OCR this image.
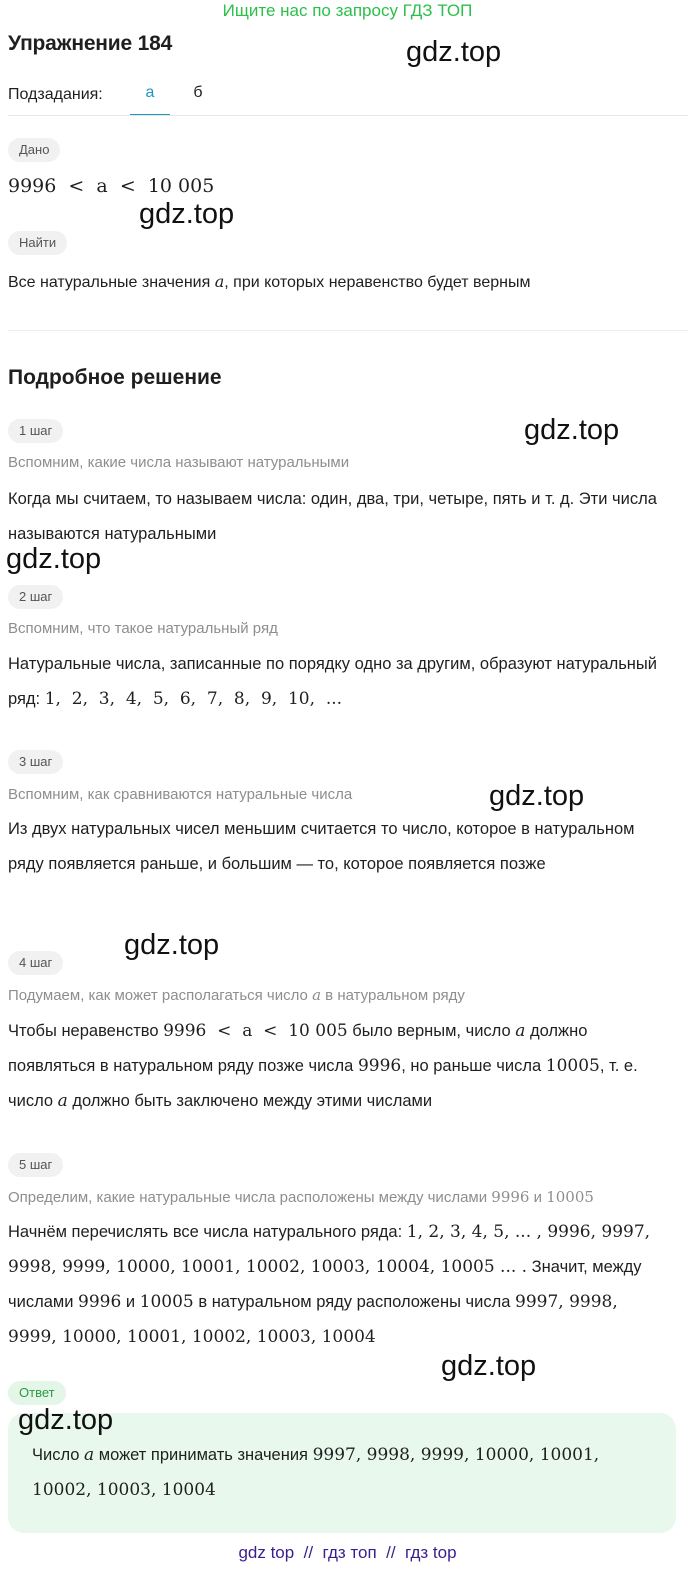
Ищите нас по запросу ГДЗ ТОП
Упражнение 184
Подзадания:	а	б
Дано
9996  <  a  <  10 005
Найти
Все натуральные значения a, при которых неравенство будет верным
Подробное решение
1 шаг
Вспомним, какие числа называют натуральными
Когда мы считаем, то называем числа: один, два, три, четыре, пять и т. д. Эти числа называются натуральными
2 шаг
Вспомним, что такое натуральный ряд
Натуральные числа, записанные по порядку одно за другим, образуют натуральный ряд: 1,  2,  3,  4,  5,  6,  7,  8,  9,  10,  ...
3 шаг
Вспомним, как сравниваются натуральные числа
Из двух натуральных чисел меньшим считается то число, которое в натуральном ряду появляется раньше, и большим — то, которое появляется позже
4 шаг
Подумаем, как может располагаться число a в натуральном ряду
Чтобы неравенство 9996  <  a  <  10 005 было верным, число a должно появляться в натуральном ряду позже числа 9996, но раньше числа 10005, т. е. число a должно быть заключено между этими числами
5 шаг
Определим, какие натуральные числа расположены между числами 9996 и 10005
Начнём перечислять все числа натурального ряда: 1, 2, 3, 4, 5, ... , 9996, 9997, 9998, 9999, 10000, 10001, 10002, 10003, 10004, 10005 ... . Значит, между числами 9996 и 10005 в натуральном ряду расположены числа 9997, 9998, 9999, 10000, 10001, 10002, 10003, 10004
Ответ
Число a может принимать значения 9997, 9998, 9999, 10000, 10001, 10002, 10003, 10004
gdz.top
gdz.top
gdz.top
gdz.top
gdz.top
gdz.top
gdz.top
gdz.top
gdz top  //  гдз топ  //  гдз top
